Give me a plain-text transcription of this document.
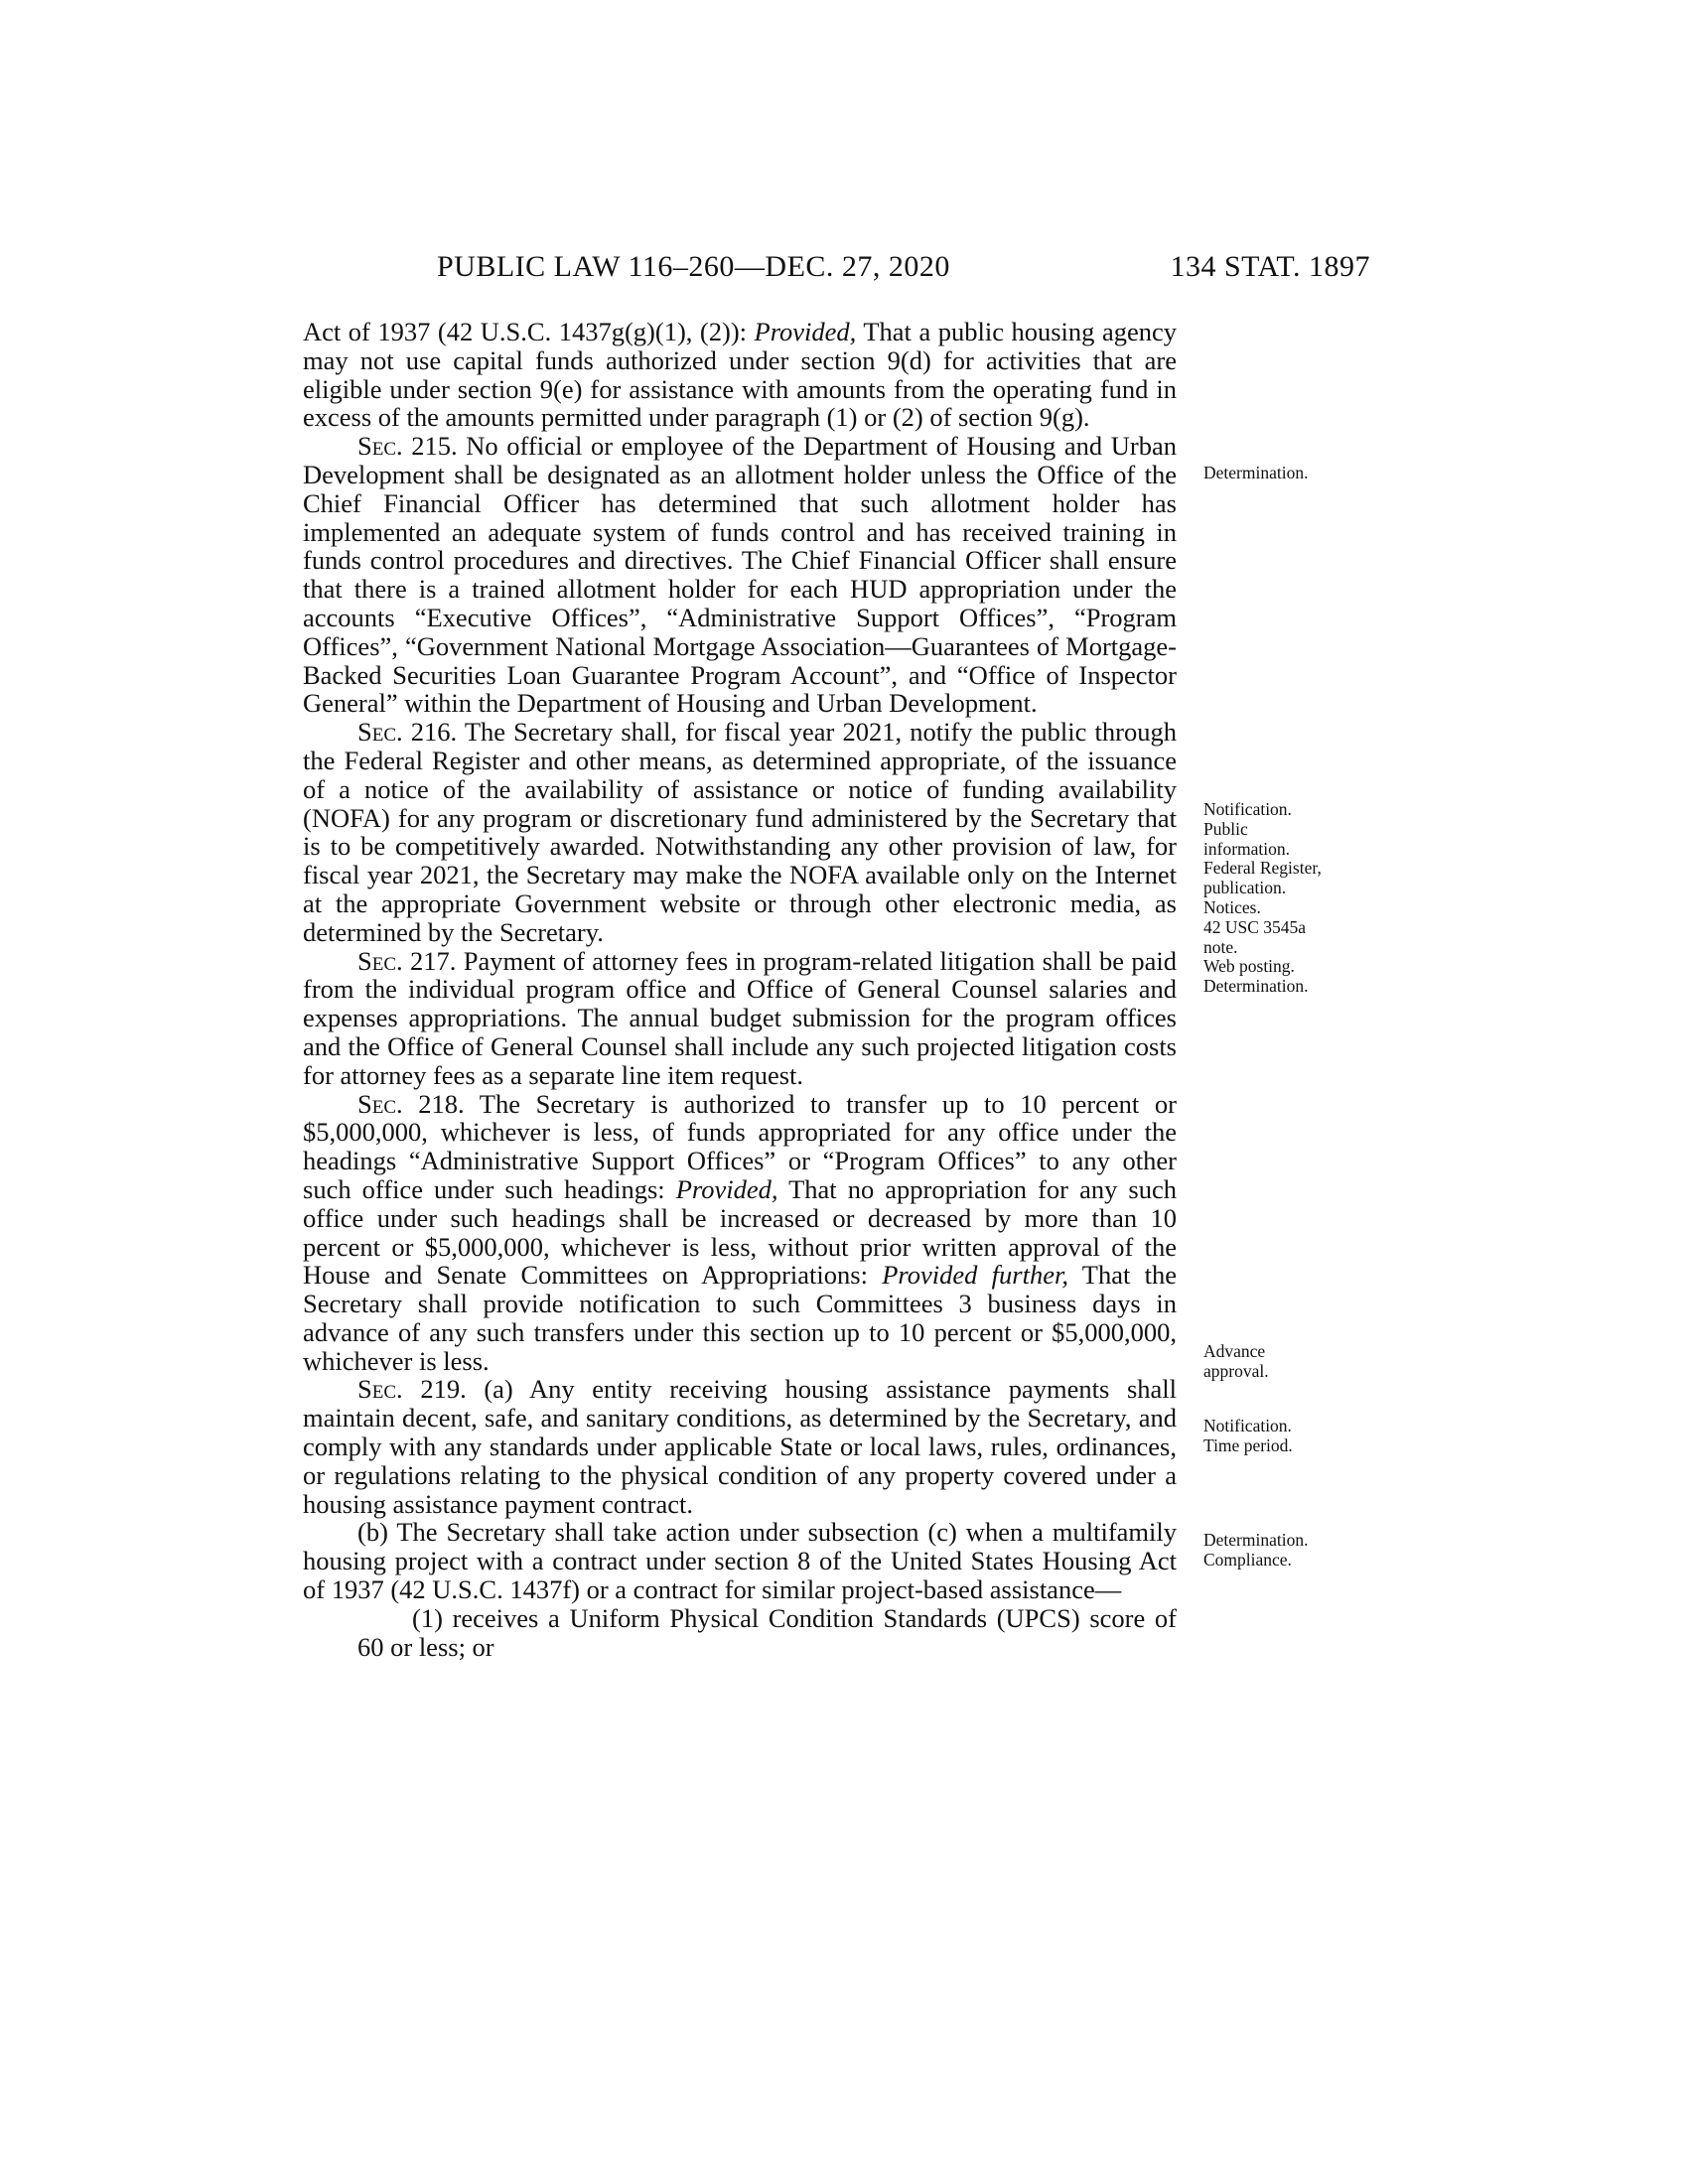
PUBLIC LAW 116–260—DEC. 27, 2020	134 STAT. 1897

Act of 1937 (42 U.S.C. 1437g(g)(1), (2)): Provided, That a public housing agency may not use capital funds authorized under section 9(d) for activities that are eligible under section 9(e) for assistance with amounts from the operating fund in excess of the amounts permitted under paragraph (1) or (2) of section 9(g).

Sec. 215. No official or employee of the Department of Housing and Urban Development shall be designated as an allotment holder unless the Office of the Chief Financial Officer has determined that such allotment holder has implemented an adequate system of funds control and has received training in funds control procedures and directives. The Chief Financial Officer shall ensure that there is a trained allotment holder for each HUD appropriation under the accounts “Executive Offices”, “Administrative Support Offices”, “Program Offices”, “Government National Mortgage Association—Guarantees of Mortgage-Backed Securities Loan Guarantee Program Account”, and “Office of Inspector General” within the Department of Housing and Urban Development.

Sec. 216. The Secretary shall, for fiscal year 2021, notify the public through the Federal Register and other means, as determined appropriate, of the issuance of a notice of the availability of assistance or notice of funding availability (NOFA) for any program or discretionary fund administered by the Secretary that is to be competitively awarded. Notwithstanding any other provision of law, for fiscal year 2021, the Secretary may make the NOFA available only on the Internet at the appropriate Government website or through other electronic media, as determined by the Secretary.

Sec. 217. Payment of attorney fees in program-related litigation shall be paid from the individual program office and Office of General Counsel salaries and expenses appropriations. The annual budget submission for the program offices and the Office of General Counsel shall include any such projected litigation costs for attorney fees as a separate line item request.

Sec. 218. The Secretary is authorized to transfer up to 10 percent or $5,000,000, whichever is less, of funds appropriated for any office under the headings “Administrative Support Offices” or “Program Offices” to any other such office under such headings: Provided, That no appropriation for any such office under such headings shall be increased or decreased by more than 10 percent or $5,000,000, whichever is less, without prior written approval of the House and Senate Committees on Appropriations: Provided further, That the Secretary shall provide notification to such Committees 3 business days in advance of any such transfers under this section up to 10 percent or $5,000,000, whichever is less.

Sec. 219. (a) Any entity receiving housing assistance payments shall maintain decent, safe, and sanitary conditions, as determined by the Secretary, and comply with any standards under applicable State or local laws, rules, ordinances, or regulations relating to the physical condition of any property covered under a housing assistance payment contract.

(b) The Secretary shall take action under subsection (c) when a multifamily housing project with a contract under section 8 of the United States Housing Act of 1937 (42 U.S.C. 1437f) or a contract for similar project-based assistance—

(1) receives a Uniform Physical Condition Standards (UPCS) score of 60 or less; or

Determination.
Notification.
Public
information.
Federal Register,
publication.
Notices.
42 USC 3545a
note.
Web posting.
Determination.
Advance
approval.
Notification.
Time period.
Determination.
Compliance.
